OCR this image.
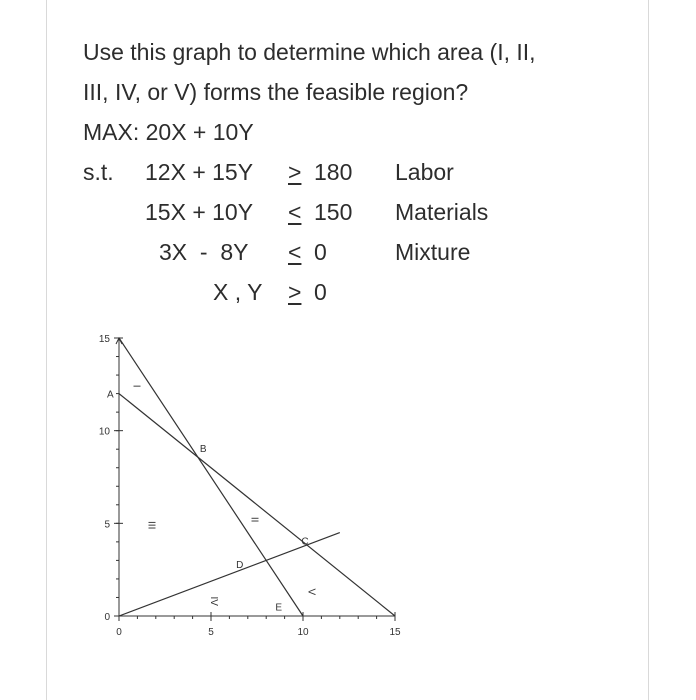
Use this graph to determine which area (I, II,
III, IV, or V) forms the feasible region?
MAX: 20X + 10Y
s.t. 12X + 15Y > 180 Labor
15X + 10Y < 150 Materials
3X  -  8Y < 0	Mixture
X , Y > 0
0	5	10	15
0
5
10
15
A
B
C
D
E
I
II
III
IV
V
